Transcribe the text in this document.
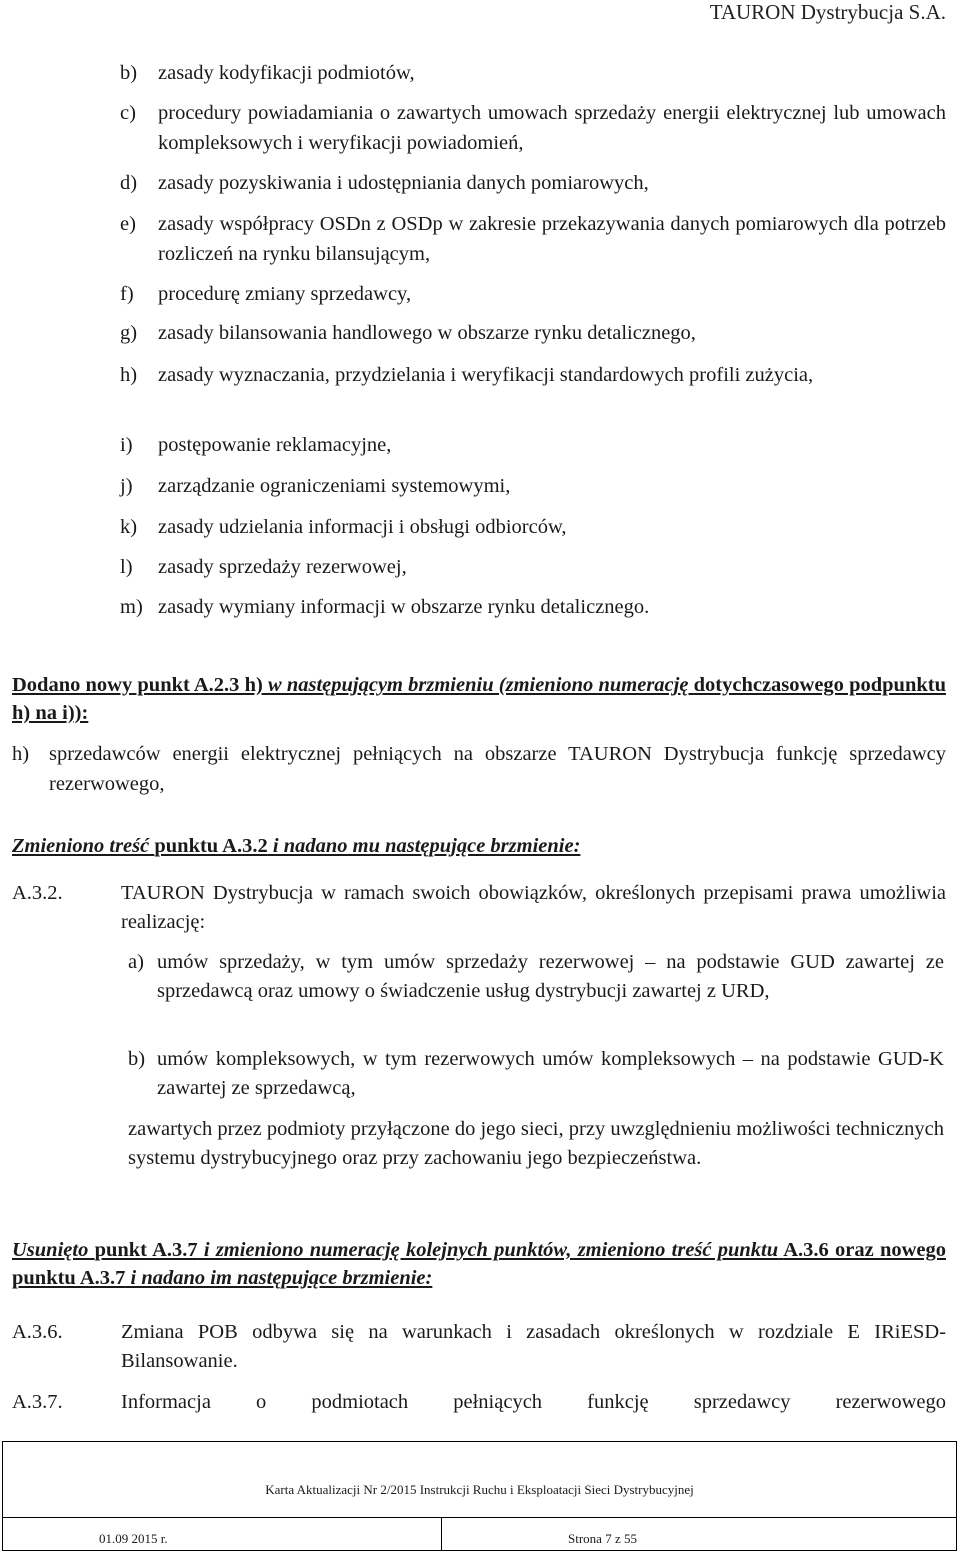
TAURON Dystrybucja S.A.
b) zasady kodyfikacji podmiotów,
c) procedury powiadamiania o zawartych umowach sprzedaży energii elektrycznej lub umowach kompleksowych i weryfikacji powiadomień,
d) zasady pozyskiwania i udostępniania danych pomiarowych,
e) zasady współpracy OSDn z OSDp w zakresie przekazywania danych pomiarowych dla potrzeb rozliczeń na rynku bilansującym,
f) procedurę zmiany sprzedawcy,
g) zasady bilansowania handlowego w obszarze rynku detalicznego,
h) zasady wyznaczania, przydzielania i weryfikacji standardowych profili zużycia,
i) postępowanie reklamacyjne,
j) zarządzanie ograniczeniami systemowymi,
k) zasady udzielania informacji i obsługi odbiorców,
l) zasady sprzedaży rezerwowej,
m) zasady wymiany informacji w obszarze rynku detalicznego.
Dodano nowy punkt A.2.3 h) w następującym brzmieniu (zmieniono numerację dotychczasowego podpunktu h) na i)):
h) sprzedawców energii elektrycznej pełniących na obszarze TAURON Dystrybucja funkcję sprzedawcy rezerwowego,
Zmieniono treść punktu A.3.2 i nadano mu następujące brzmienie:
A.3.2.	TAURON Dystrybucja w ramach swoich obowiązków, określonych przepisami prawa umożliwia realizację:
a) umów sprzedaży, w tym umów sprzedaży rezerwowej – na podstawie GUD zawartej ze sprzedawcą oraz umowy o świadczenie usług dystrybucji zawartej z URD,
b) umów kompleksowych, w tym rezerwowych umów kompleksowych – na podstawie GUD-K zawartej ze sprzedawcą,
zawartych przez podmioty przyłączone do jego sieci, przy uwzględnieniu możliwości technicznych systemu dystrybucyjnego oraz przy zachowaniu jego bezpieczeństwa.
Usunięto punkt A.3.7 i zmieniono numerację kolejnych punktów, zmieniono treść punktu A.3.6 oraz nowego punktu A.3.7 i nadano im następujące brzmienie:
A.3.6.	Zmiana POB odbywa się na warunkach i zasadach określonych w rozdziale E IRiESD-Bilansowanie.
A.3.7.	Informacja o podmiotach pełniących funkcję sprzedawcy rezerwowego
Karta Aktualizacji Nr 2/2015 Instrukcji Ruchu i Eksploatacji Sieci Dystrybucyjnej
01.09 2015 r.	Strona 7 z 55
